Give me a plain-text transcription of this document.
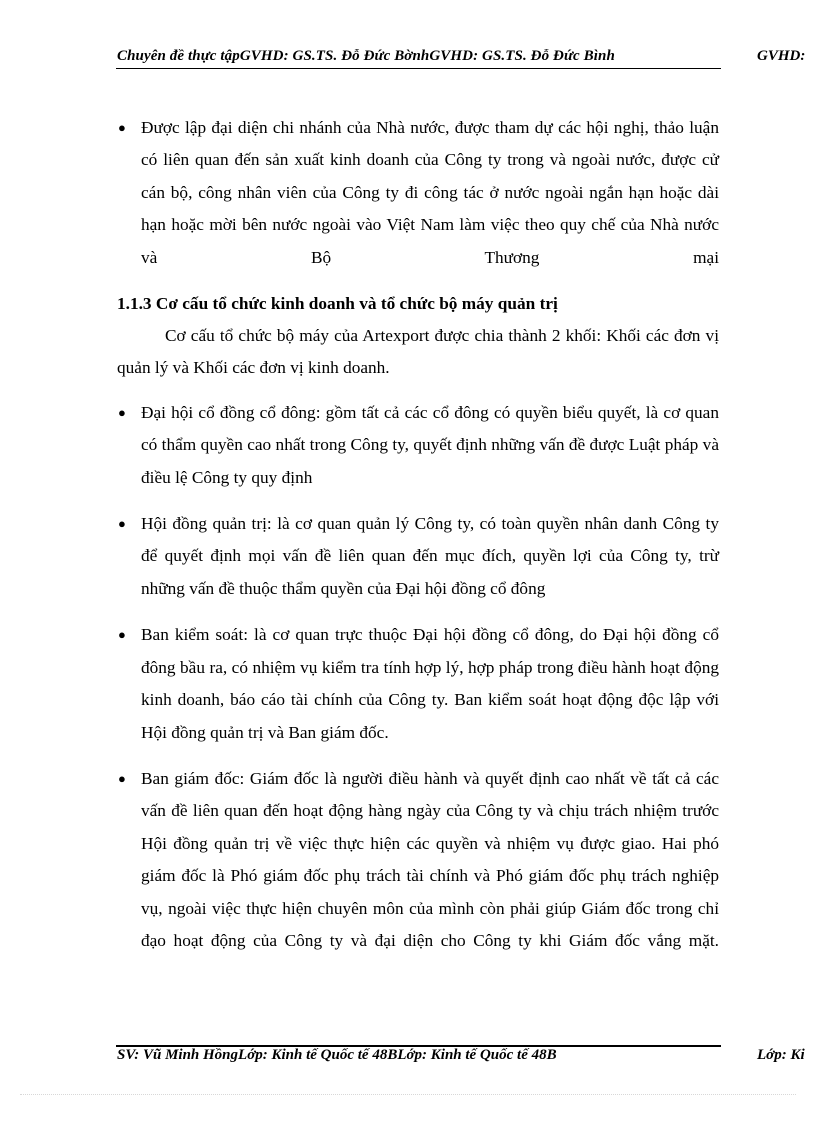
Chuyên đề thực tậpGVHD: GS.TS. Đỗ Đức BờnhGVHD: GS.TS. Đỗ Đức Bình	GVHD:
● Được lập đại diện chi nhánh của Nhà nước, được tham dự các hội nghị, thảo luận có liên quan đến sản xuất kinh doanh của Công ty trong và ngoài nước, được cử cán bộ, công nhân viên của Công ty đi công tác ở nước ngoài ngắn hạn hoặc dài hạn hoặc mời bên nước ngoài vào Việt Nam làm việc theo quy chế của Nhà nước và Bộ Thương mại
1.1.3 Cơ cấu tổ chức kinh doanh và tổ chức bộ máy quản trị
Cơ cấu tổ chức bộ máy của Artexport được chia thành 2 khối: Khối các đơn vị quản lý và Khối các đơn vị kinh doanh.
● Đại hội cổ đồng cổ đông: gồm tất cả các cổ đông có quyền biểu quyết, là cơ quan có thẩm quyền cao nhất trong Công ty, quyết định những vấn đề được Luật pháp và điều lệ Công ty quy định
● Hội đồng quản trị: là cơ quan quản lý Công ty, có toàn quyền nhân danh Công ty để quyết định mọi vấn đề liên quan đến mục đích, quyền lợi của Công ty, trừ những vấn đề thuộc thẩm quyền của Đại hội đồng cổ đông
● Ban kiểm soát: là cơ quan trực thuộc Đại hội đồng cổ đông, do Đại hội đồng cổ đông bầu ra, có nhiệm vụ kiểm tra tính hợp lý, hợp pháp trong điều hành hoạt động kinh doanh, báo cáo tài chính của Công ty. Ban kiểm soát hoạt động độc lập với Hội đồng quản trị và Ban giám đốc.
● Ban giám đốc: Giám đốc là người điều hành và quyết định cao nhất về tất cả các vấn đề liên quan đến hoạt động hàng ngày của Công ty và chịu trách nhiệm trước Hội đồng quản trị về việc thực hiện các quyền và nhiệm vụ được giao. Hai phó giám đốc là Phó giám đốc phụ trách tài chính và Phó giám đốc phụ trách nghiệp vụ, ngoài việc thực hiện chuyên môn của mình còn phải giúp Giám đốc trong chỉ đạo hoạt động của Công ty và đại diện cho Công ty khi Giám đốc vắng mặt.
SV: Vũ Minh HồngLớp: Kinh tế Quốc tế 48BLớp: Kinh tế Quốc tế 48B	Lớp: Ki
